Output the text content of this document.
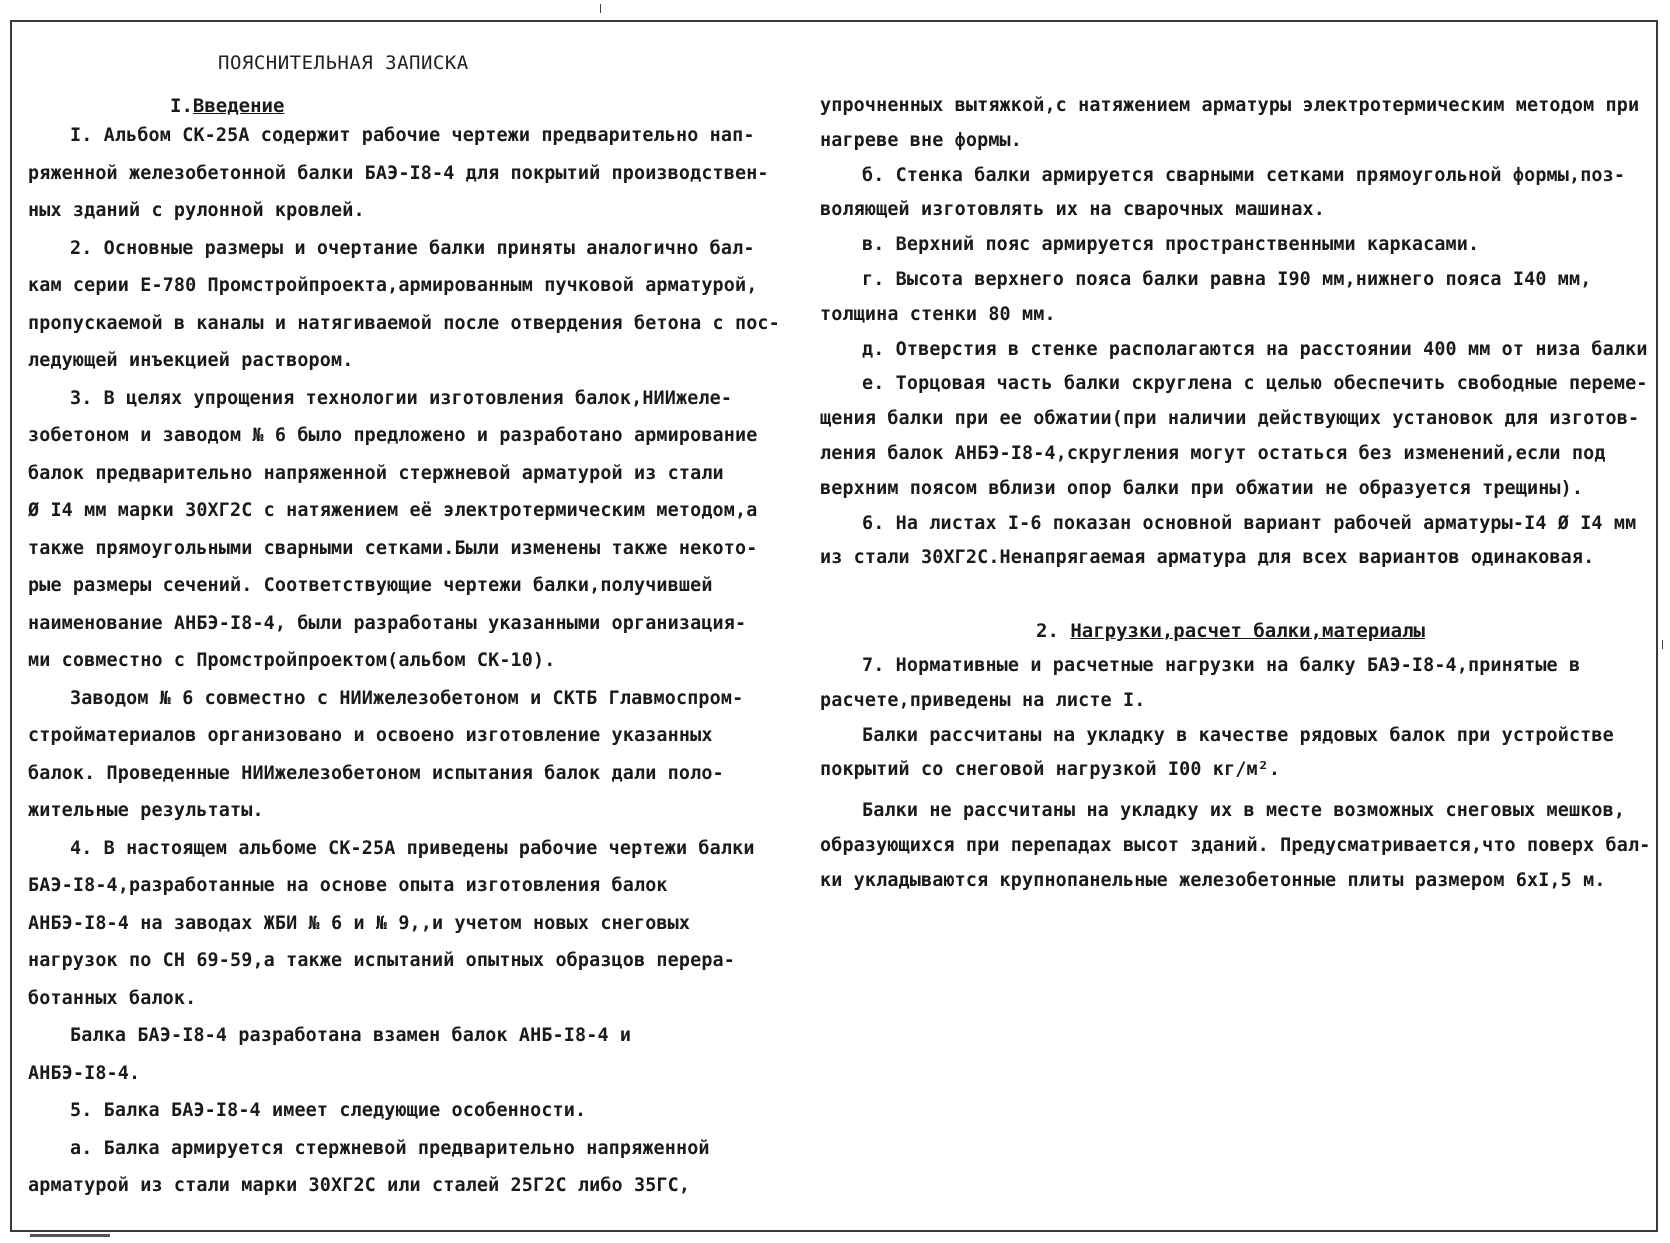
ПОЯСНИТЕЛЬНАЯ ЗАПИСКА
I.Введение
I. Альбом СК-25А содержит рабочие чертежи предварительно нап-
ряженной железобетонной балки БАЭ-I8-4 для покрытий производствен-
ных зданий с рулонной кровлей.
2. Основные размеры и очертание балки приняты аналогично бал-
кам серии Е-780 Промстройпроекта,армированным пучковой арматурой,
пропускаемой в каналы и натягиваемой после отвердения бетона с пос-
ледующей инъекцией раствором.
3. В целях упрощения технологии изготовления балок,НИИжеле-
зобетоном и заводом № 6 было предложено и разработано армирование
балок предварительно напряженной стержневой арматурой из стали
Ø I4 мм марки 30ХГ2С с натяжением её электротермическим методом,а
также прямоугольными сварными сетками.Были изменены также некото-
рые размеры сечений. Соответствующие чертежи балки,получившей
наименование АНБЭ-I8-4, были разработаны указанными организация-
ми совместно с Промстройпроектом(альбом СК-10).
Заводом № 6 совместно с НИИжелезобетоном и СКТБ Главмоспром-
стройматериалов организовано и освоено изготовление указанных
балок. Проведенные НИИжелезобетоном испытания балок дали поло-
жительные результаты.
4. В настоящем альбоме СК-25А приведены рабочие чертежи балки
БАЭ-I8-4,разработанные на основе опыта изготовления балок
АНБЭ-I8-4 на заводах ЖБИ № 6 и № 9,,и учетом новых снеговых
нагрузок по СН 69-59,а также испытаний опытных образцов перера-
ботанных балок.
Балка БАЭ-I8-4 разработана взамен балок АНБ-I8-4 и
АНБЭ-I8-4.
5. Балка БАЭ-I8-4 имеет следующие особенности.
а. Балка армируется стержневой предварительно напряженной
арматурой из стали марки 30ХГ2С или сталей 25Г2С либо 35ГС,
упрочненных вытяжкой,с натяжением арматуры электротермическим методом при
нагреве вне формы.
б. Стенка балки армируется сварными сетками прямоугольной формы,поз-
воляющей изготовлять их на сварочных машинах.
в. Верхний пояс армируется пространственными каркасами.
г. Высота верхнего пояса балки равна I90 мм,нижнего пояса I40 мм,
толщина стенки 80 мм.
д. Отверстия в стенке располагаются на расстоянии 400 мм от низа балки
е. Торцовая часть балки скруглена с целью обеспечить свободные переме-
щения балки при ее обжатии(при наличии действующих установок для изготов-
ления балок АНБЭ-I8-4,скругления могут остаться без изменений,если под
верхним поясом вблизи опор балки при обжатии не образуется трещины).
6. На листах I-6 показан основной вариант рабочей арматуры-I4 Ø I4 мм
из стали 30ХГ2С.Ненапрягаемая арматура для всех вариантов одинаковая.
7. Нормативные и расчетные нагрузки на балку БАЭ-I8-4,принятые в
расчете,приведены на листе I.
Балки рассчитаны на укладку в качестве рядовых балок при устройстве
покрытий со снеговой нагрузкой I00 кг/м².
Балки не рассчитаны на укладку их в месте возможных снеговых мешков,
образующихся при перепадах высот зданий. Предусматривается,что поверх бал-
ки укладываются крупнопанельные железобетонные плиты размером 6хI,5 м.
2. Нагрузки,расчет балки,материалы
